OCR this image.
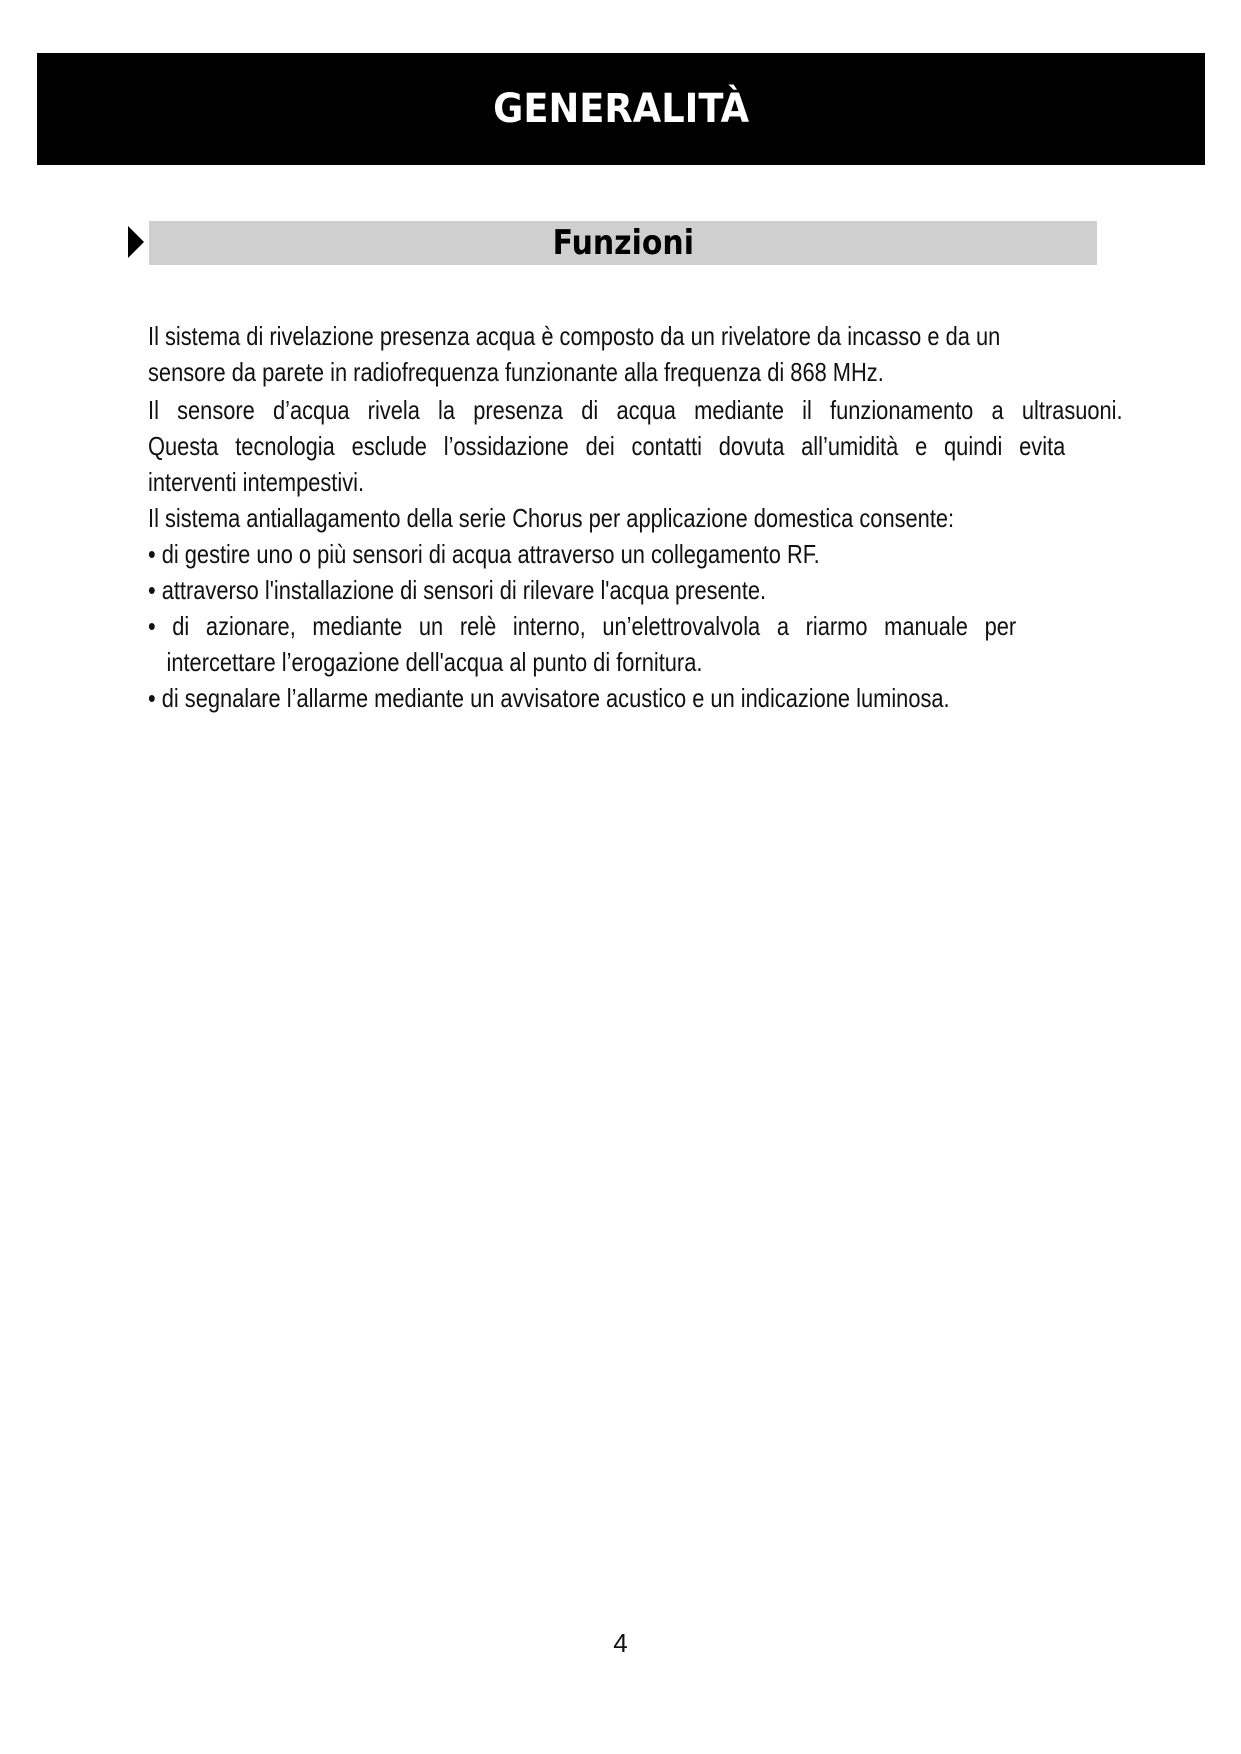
GENERALITÀ
Funzioni
Il sistema di rivelazione presenza acqua è composto da un rivelatore da incasso e da un
sensore da parete in radiofrequenza funzionante alla frequenza di 868 MHz.
Il sensore d’acqua rivela la presenza di acqua mediante il funzionamento a ultrasuoni.
Questa tecnologia esclude l’ossidazione dei contatti dovuta all’umidità e quindi evita
interventi intempestivi.
Il sistema antiallagamento della serie Chorus per applicazione domestica consente:
• di gestire uno o più sensori di acqua attraverso un collegamento RF.
• attraverso l'installazione di sensori di rilevare l'acqua presente.
• di azionare, mediante un relè interno, un’elettrovalvola a riarmo manuale per
intercettare l’erogazione dell'acqua al punto di fornitura.
• di segnalare l’allarme mediante un avvisatore acustico e un indicazione luminosa.
4
